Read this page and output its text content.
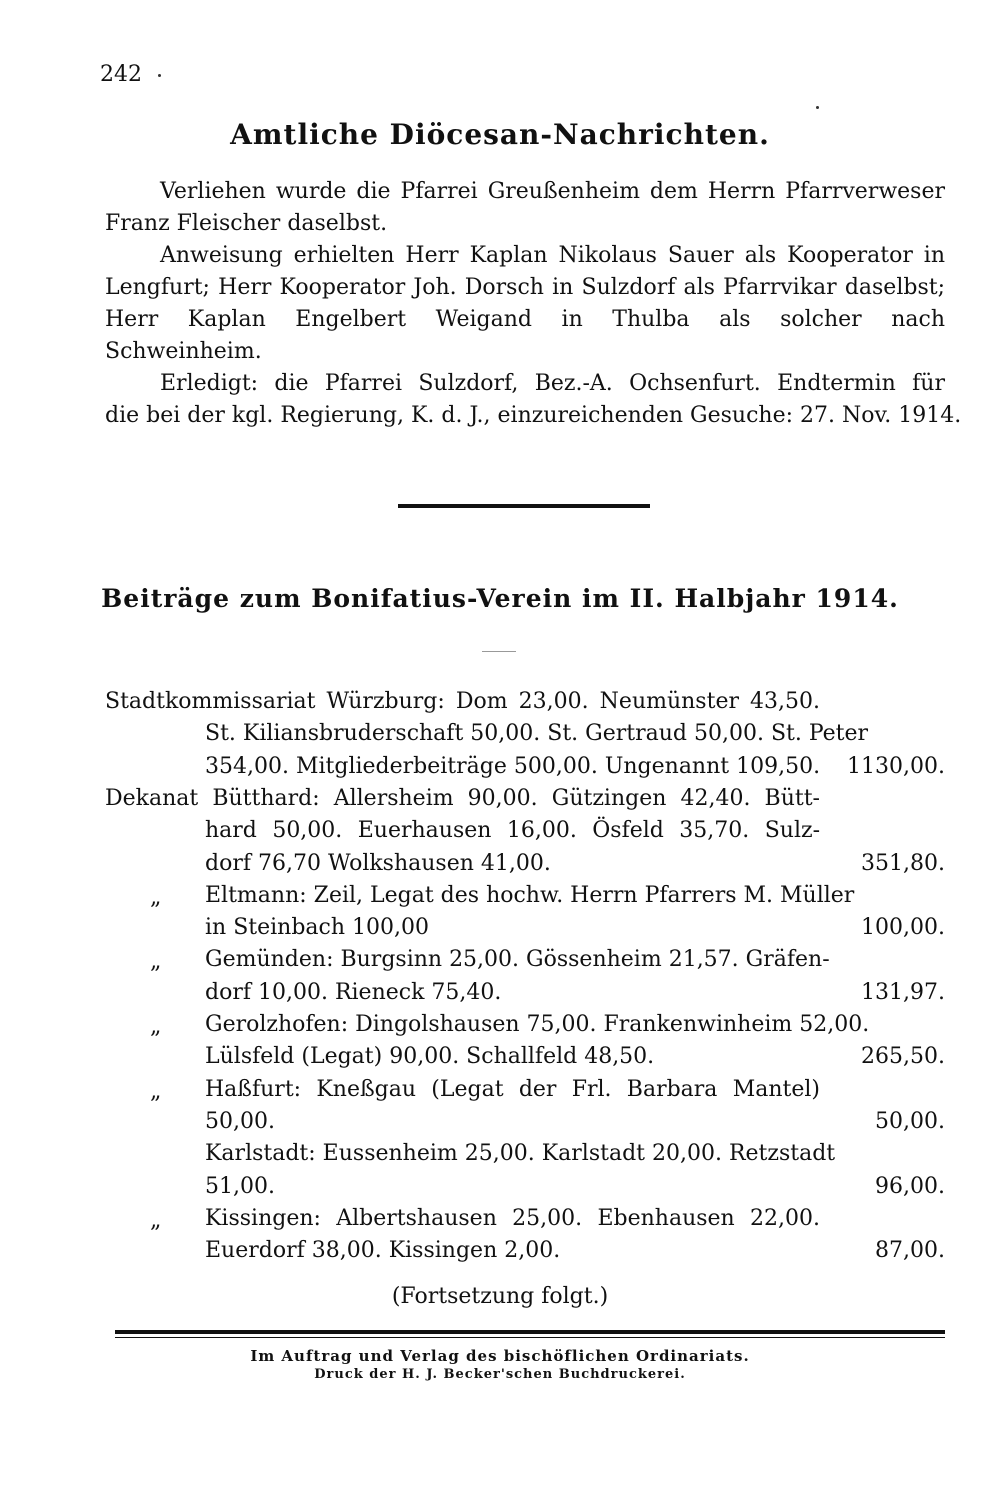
242
Amtliche Diöcesan-Nachrichten.
Verliehen wurde die Pfarrei Greußenheim dem Herrn Pfarrverweser
Franz Fleischer daselbst.
Anweisung erhielten Herr Kaplan Nikolaus Sauer als Kooperator in
Lengfurt; Herr Kooperator Joh. Dorsch in Sulzdorf als Pfarrvikar daselbst;
Herr Kaplan Engelbert Weigand in Thulba als solcher nach
Schweinheim.
Erledigt: die Pfarrei Sulzdorf, Bez.-A. Ochsenfurt. Endtermin für
die bei der kgl. Regierung, K. d. J., einzureichenden Gesuche: 27. Nov. 1914.
Beiträge zum Bonifatius-Verein im II. Halbjahr 1914.
Stadtkommissariat Würzburg: Dom 23,00. Neumünster 43,50.
St. Kiliansbruderschaft 50,00. St. Gertraud 50,00. St. Peter
354,00. Mitgliederbeiträge 500,00. Ungenannt 109,50. 1130,00.
Dekanat Bütthard: Allersheim 90,00. Gützingen 42,40. Bütt-
hard 50,00. Euerhausen 16,00. Ösfeld 35,70. Sulz-
dorf 76,70 Wolkshausen 41,00.	351,80.
„ Eltmann: Zeil, Legat des hochw. Herrn Pfarrers M. Müller
in Steinbach 100,00	100,00.
„ Gemünden: Burgsinn 25,00. Gössenheim 21,57. Gräfen-
dorf 10,00. Rieneck 75,40.	131,97.
„ Gerolzhofen: Dingolshausen 75,00. Frankenwinheim 52,00.
Lülsfeld (Legat) 90,00. Schallfeld 48,50.	265,50.
„ Haßfurt: Kneßgau (Legat der Frl. Barbara Mantel)
50,00.	50,00.
Karlstadt: Eussenheim 25,00. Karlstadt 20,00. Retzstadt
51,00.	96,00.
„ Kissingen: Albertshausen 25,00. Ebenhausen 22,00.
Euerdorf 38,00. Kissingen 2,00.	87,00.
(Fortsetzung folgt.)
Im Auftrag und Verlag des bischöflichen Ordinariats.
Druck der H. J. Becker'schen Buchdruckerei.
